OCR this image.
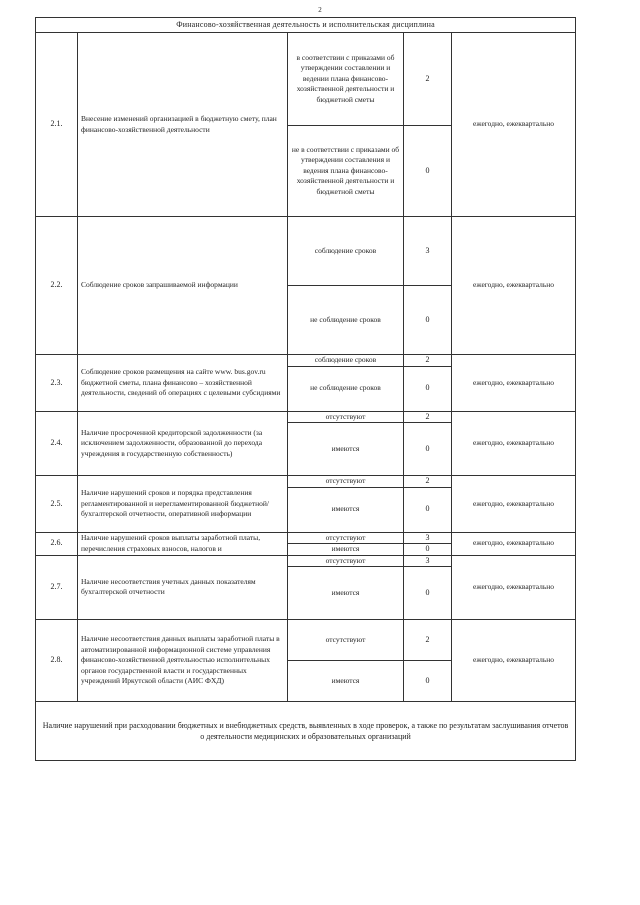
2
Финансово-хозяйственная деятельность и исполнительская дисциплина				
2.1.	Внесение изменений организацией в бюджетную смету, план финансово-хозяйственной деятельности	в соответствии с приказами об утверждении составлении и ведении плана финансово-хозяйственной деятельности и бюджетной сметы	2	ежегодно, ежеквартально
		не в соответствии с приказами об утверждении составления и ведения плана финансово-хозяйственной деятельности и бюджетной сметы	0	
2.2.	Соблюдение сроков запрашиваемой информации	соблюдение сроков	3	ежегодно, ежеквартально
		не соблюдение сроков	0	
2.3.	Соблюдение сроков размещения на сайте www. bus.gov.ru бюджетной сметы, плана финансово – хозяйственной деятельности, сведений об операциях с целевыми субсидиями	соблюдение сроков	2	ежегодно, ежеквартально
		не соблюдение сроков	0	
2.4.	Наличие просроченной кредиторской задолженности (за исключением задолженности, образованной до перехода учреждения в государственную собственность)	отсутствуют	2	ежегодно, ежеквартально
		имеются	0	
2.5.	Наличие нарушений сроков и порядка представления регламентированной и нерегламентированной бюджетной/бухгалтерской отчетности, оперативной информации	отсутствуют	2	ежегодно, ежеквартально
		имеются	0	
2.6.	Наличие нарушений сроков выплаты заработной платы, перечисления страховых взносов, налогов и	отсутствуют	3	ежегодно, ежеквартально
		имеются	0	
2.7.	Наличие несоответствия учетных данных показателям бухгалтерской отчетности	отсутствуют	3	ежегодно, ежеквартально
		имеются	0	
2.8.	Наличие несоответствия данных выплаты заработной платы в автоматизированной информационной системе управления финансово-хозяйственной деятельностью исполнительных органов государственной власти и государственных учреждений Иркутской области (АИС ФХД)	отсутствуют	2	ежегодно, ежеквартально
		имеются	0	
Наличие нарушений при расходовании бюджетных и внебюджетных средств, выявленных в ходе проверок, а также по результатам заслушивания отчетов о деятельности медицинских и образовательных организаций				
